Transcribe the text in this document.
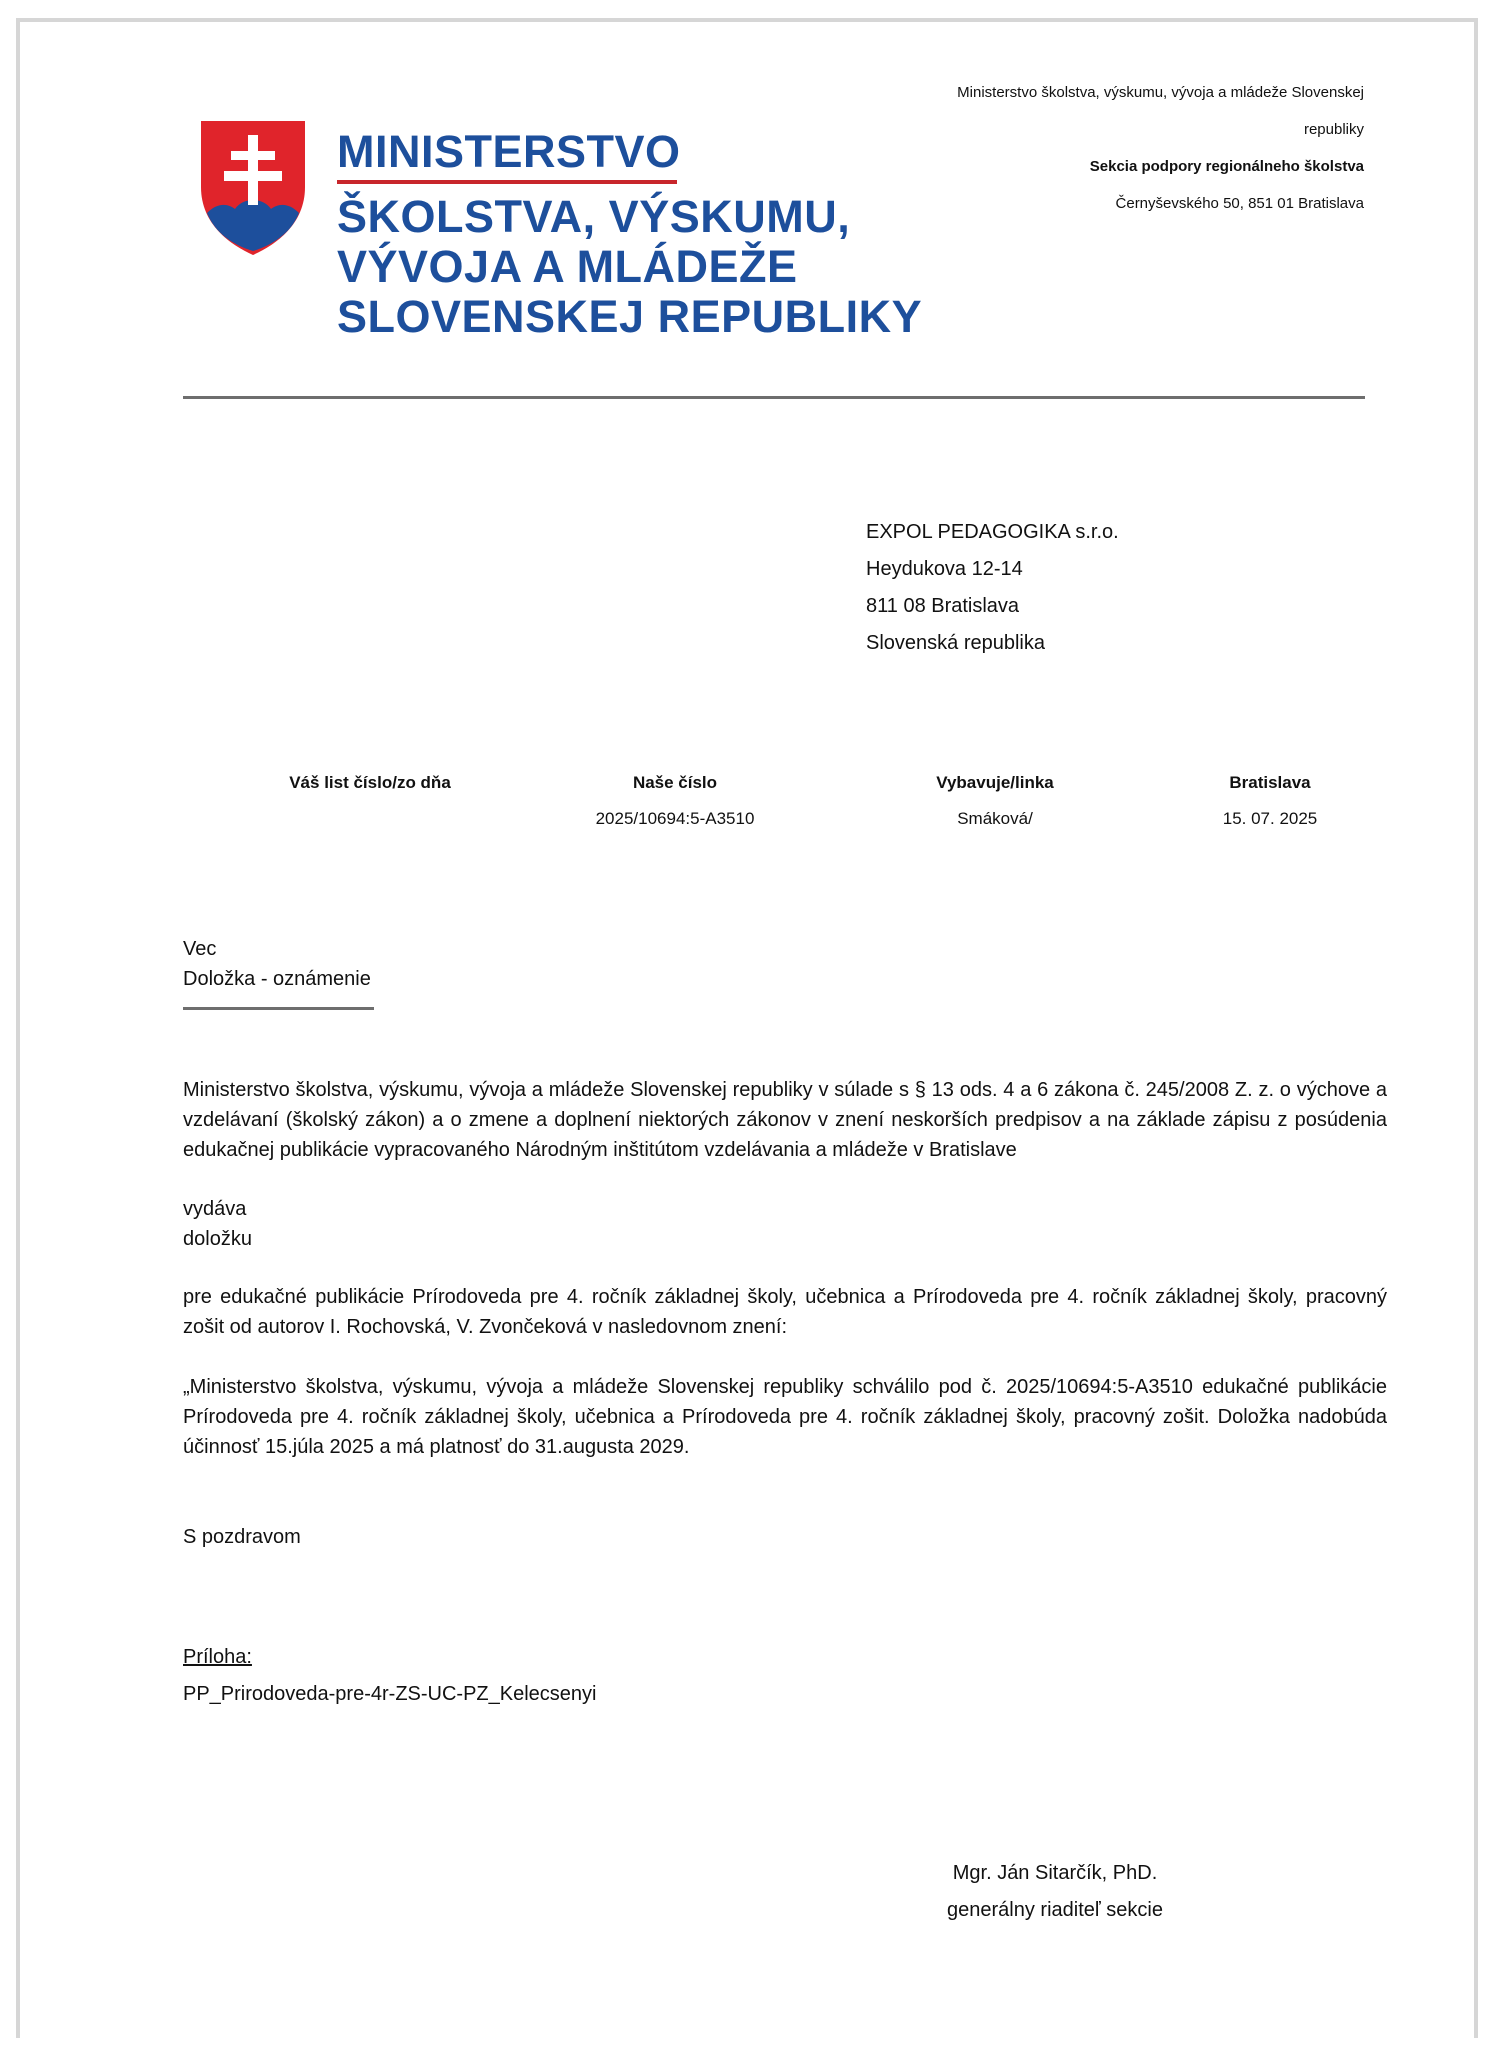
MINISTERSTVO
ŠKOLSTVA, VÝSKUMU,
VÝVOJA A MLÁDEŽE
SLOVENSKEJ REPUBLIKY
Ministerstvo školstva, výskumu, vývoja a mládeže Slovenskej
republiky
Sekcia podpory regionálneho školstva
Černyševského 50, 851 01 Bratislava
EXPOL PEDAGOGIKA s.r.o.
Heydukova 12-14
811 08 Bratislava
Slovenská republika
Váš list číslo/zo dňa	Naše číslo
2025/10694:5-A3510
Vybavuje/linka
Smáková/
Bratislava
15. 07. 2025
Vec
Doložka - oznámenie
Ministerstvo školstva, výskumu, vývoja a mládeže Slovenskej republiky v súlade s § 13 ods. 4 a 6 zákona č. 245/2008 Z. z. o výchove a vzdelávaní (školský zákon) a o zmene a doplnení niektorých zákonov v znení neskorších predpisov a na základe zápisu z posúdenia edukačnej publikácie vypracovaného Národným inštitútom vzdelávania a mládeže v Bratislave
vydáva
doložku
pre edukačné publikácie Prírodoveda pre 4. ročník základnej školy, učebnica a Prírodoveda pre 4. ročník základnej školy, pracovný zošit od autorov I. Rochovská, V. Zvončeková v nasledovnom znení:
„Ministerstvo školstva, výskumu, vývoja a mládeže Slovenskej republiky schválilo pod č. 2025/10694:5-A3510 edukačné publikácie Prírodoveda pre 4. ročník základnej školy, učebnica a Prírodoveda pre 4. ročník základnej školy, pracovný zošit. Doložka nadobúda účinnosť 15.júla 2025 a má platnosť do 31.augusta 2029.
S pozdravom
Príloha:
PP_Prirodoveda-pre-4r-ZS-UC-PZ_Kelecsenyi
Mgr. Ján Sitarčík, PhD.
generálny riaditeľ sekcie
